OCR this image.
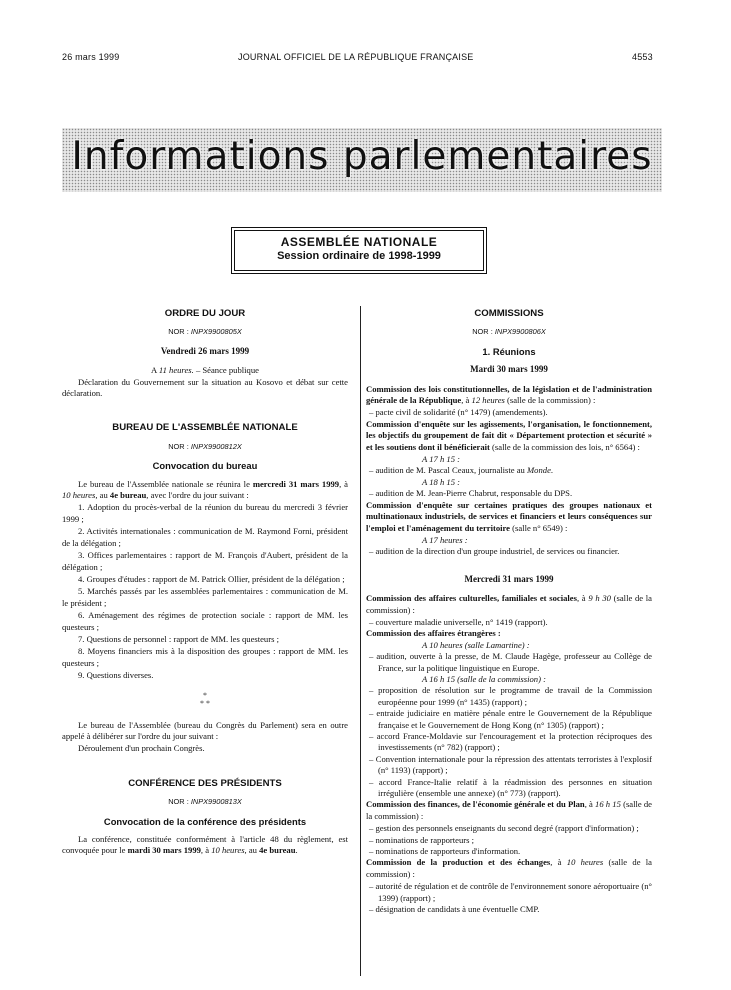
26 mars 1999	JOURNAL OFFICIEL DE LA RÉPUBLIQUE FRANÇAISE	4553
Informations parlementaires
ASSEMBLÉE NATIONALE
Session ordinaire de 1998-1999
ORDRE DU JOUR
NOR : INPX9900805X
Vendredi 26 mars 1999
A 11 heures. – Séance publique
Déclaration du Gouvernement sur la situation au Kosovo et débat sur cette déclaration.
BUREAU DE L'ASSEMBLÉE NATIONALE
NOR : INPX9900812X
Convocation du bureau
Le bureau de l'Assemblée nationale se réunira le mercredi 31 mars 1999, à 10 heures, au 4e bureau, avec l'ordre du jour suivant :
1. Adoption du procès-verbal de la réunion du bureau du mercredi 3 février 1999 ;
2. Activités internationales : communication de M. Raymond Forni, président de la délégation ;
3. Offices parlementaires : rapport de M. François d'Aubert, président de la délégation ;
4. Groupes d'études : rapport de M. Patrick Ollier, président de la délégation ;
5. Marchés passés par les assemblées parlementaires : communication de M. le président ;
6. Aménagement des régimes de protection sociale : rapport de MM. les questeurs ;
7. Questions de personnel : rapport de MM. les questeurs ;
8. Moyens financiers mis à la disposition des groupes : rapport de MM. les questeurs ;
9. Questions diverses.
*
* *
Le bureau de l'Assemblée (bureau du Congrès du Parlement) sera en outre appelé à délibérer sur l'ordre du jour suivant :
Déroulement d'un prochain Congrès.
CONFÉRENCE DES PRÉSIDENTS
NOR : INPX9900813X
Convocation de la conférence des présidents
La conférence, constituée conformément à l'article 48 du règlement, est convoquée pour le mardi 30 mars 1999, à 10 heures, au 4e bureau.
COMMISSIONS
NOR : INPX9900806X
1. Réunions
Mardi 30 mars 1999
Commission des lois constitutionnelles, de la législation et de l'administration générale de la République, à 12 heures (salle de la commission) :
– pacte civil de solidarité (n° 1479) (amendements).
Commission d'enquête sur les agissements, l'organisation, le fonctionnement, les objectifs du groupement de fait dit « Département protection et sécurité » et les soutiens dont il bénéficierait (salle de la commission des lois, n° 6564) :
A 17 h 15 :
– audition de M. Pascal Ceaux, journaliste au Monde.
A 18 h 15 :
– audition de M. Jean-Pierre Chabrut, responsable du DPS.
Commission d'enquête sur certaines pratiques des groupes nationaux et multinationaux industriels, de services et financiers et leurs conséquences sur l'emploi et l'aménagement du territoire (salle n° 6549) :
A 17 heures :
– audition de la direction d'un groupe industriel, de services ou financier.
Mercredi 31 mars 1999
Commission des affaires culturelles, familiales et sociales, à 9 h 30 (salle de la commission) :
– couverture maladie universelle, n° 1419 (rapport).
Commission des affaires étrangères :
A 10 heures (salle Lamartine) :
– audition, ouverte à la presse, de M. Claude Hagège, professeur au Collège de France, sur la politique linguistique en Europe.
A 16 h 15 (salle de la commission) :
– proposition de résolution sur le programme de travail de la Commission européenne pour 1999 (n° 1435) (rapport) ;
– entraide judiciaire en matière pénale entre le Gouvernement de la République française et le Gouvernement de Hong Kong (n° 1305) (rapport) ;
– accord France-Moldavie sur l'encouragement et la protection réciproques des investissements (n° 782) (rapport) ;
– Convention internationale pour la répression des attentats terroristes à l'explosif (n° 1193) (rapport) ;
– accord France-Italie relatif à la réadmission des personnes en situation irrégulière (ensemble une annexe) (n° 773) (rapport).
Commission des finances, de l'économie générale et du Plan, à 16 h 15 (salle de la commission) :
– gestion des personnels enseignants du second degré (rapport d'information) ;
– nominations de rapporteurs ;
– nominations de rapporteurs d'information.
Commission de la production et des échanges, à 10 heures (salle de la commission) :
– autorité de régulation et de contrôle de l'environnement sonore aéroportuaire (n° 1399) (rapport) ;
– désignation de candidats à une éventuelle CMP.
